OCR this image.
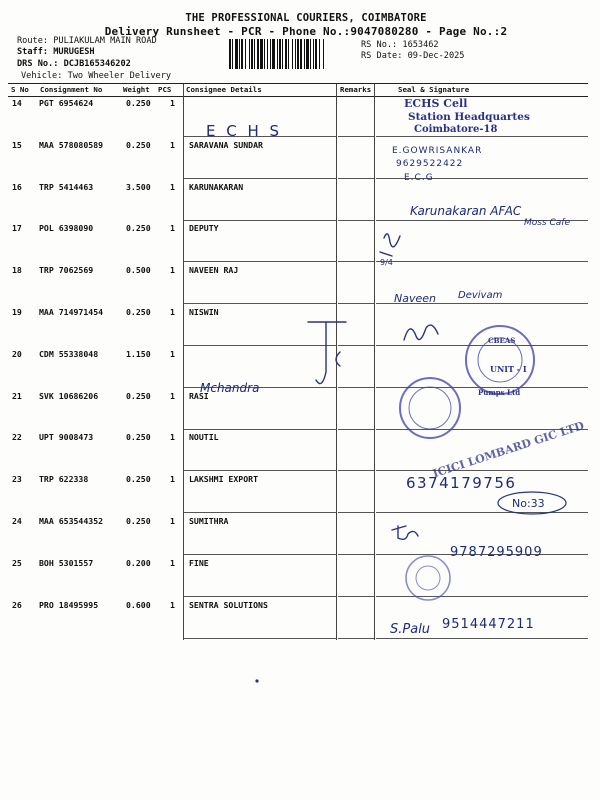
THE PROFESSIONAL COURIERS, COIMBATORE
Delivery Runsheet - PCR - Phone No.:9047080280 - Page No.:2
Route: PULIAKULAM MAIN ROAD
Staff: MURUGESH
DRS No.: DCJB165346202
Vehicle: Two Wheeler Delivery
RS No.: 1653462
RS Date: 09-Dec-2025
S No Consignment No	Weight PCS Consignee Details	Remarks	Seal & Signature
14 PGT 6954624	0.250 1
15 MAA 578080589	0.250 1 SARAVANA SUNDAR
16 TRP 5414463	3.500 1 KARUNAKARAN
17 POL 6398090	0.250 1 DEPUTY
18 TRP 7062569	0.500 1 NAVEEN RAJ
19 MAA 714971454	0.250 1 NISWIN
20 CDM 55338048	1.150 1
21 SVK 10686206	0.250 1 RASI
22 UPT 9008473	0.250 1 NOUTIL
23 TRP 622338	0.250 1 LAKSHMI EXPORT
24 MAA 653544352	0.250 1 SUMITHRA
25 BOH 5301557	0.200 1 FINE
26 PRO 18495995	0.600 1 SENTRA SOLUTIONS
ECHS Cell
Station Headquartes
Coimbatore-18
E C H S
E.GOWRISANKAR
9629522422
E.C.G
Karunakaran AFAC
Moss Cafe
9/4
Naveen Devivam
Mchandra
UNIT - I
CBEAS
Pumps Ltd
ICICI LOMBARD GIC LTD
6374179756
No:33
9787295909
S.Palu 9514447211
